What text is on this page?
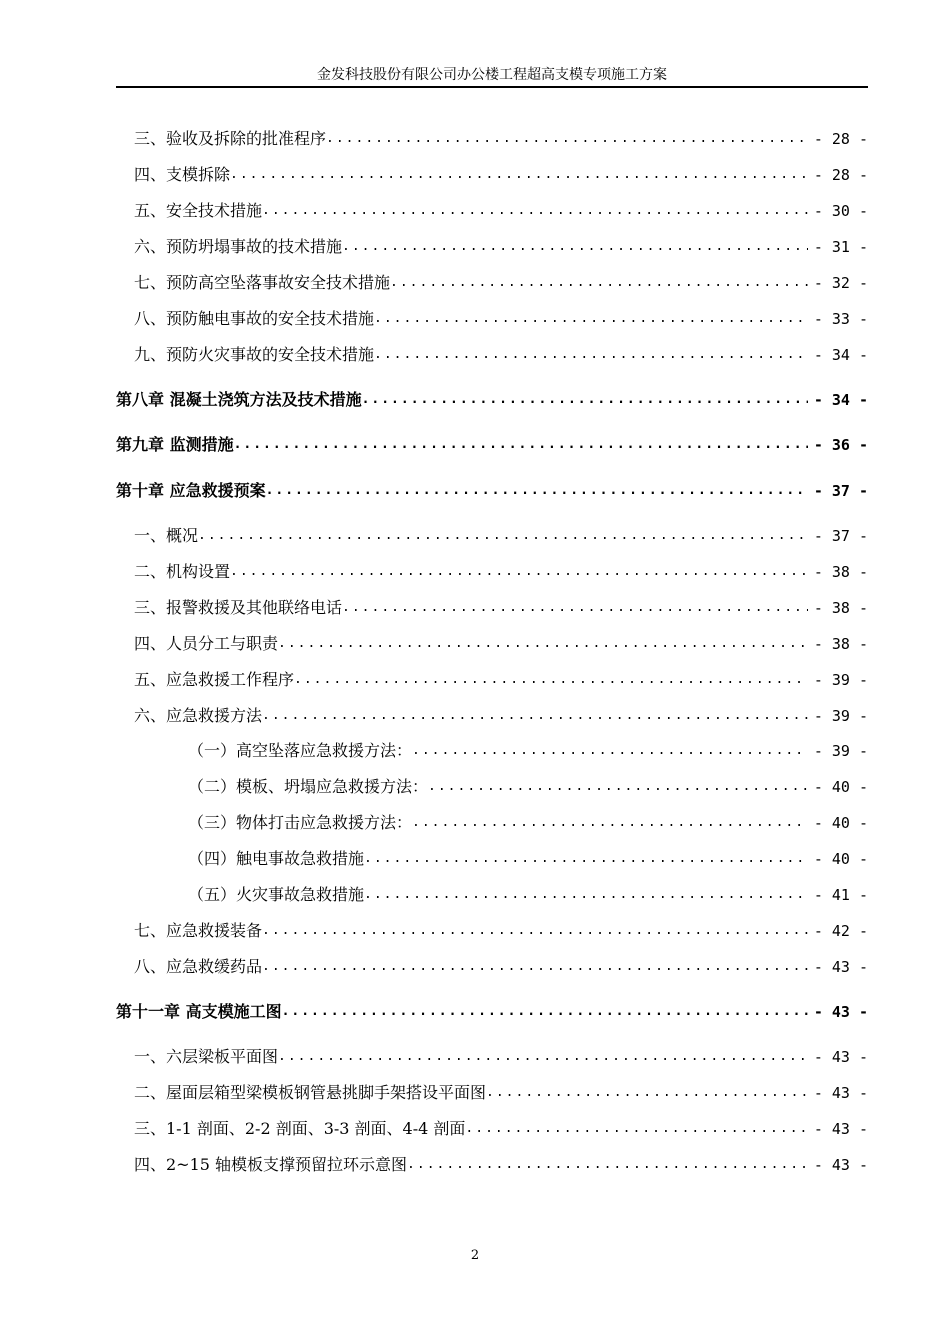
金发科技股份有限公司办公楼工程超高支模专项施工方案
三、验收及拆除的批准程序 .....	- 28 -
四、支模拆除 .....	- 28 -
五、安全技术措施 .....	- 30 -
六、预防坍塌事故的技术措施 .....	- 31 -
七、预防高空坠落事故安全技术措施 .....	- 32 -
八、预防触电事故的安全技术措施 .....	- 33 -
九、预防火灾事故的安全技术措施 .....	- 34 -
第八章 混凝土浇筑方法及技术措施 .....	- 34 -
第九章 监测措施 .....	- 36 -
第十章 应急救援预案 .....	- 37 -
一、概况 .....	- 37 -
二、机构设置 .....	- 38 -
三、报警救援及其他联络电话 .....	- 38 -
四、人员分工与职责 .....	- 38 -
五、应急救援工作程序 .....	- 39 -
六、应急救援方法 .....	- 39 -
（一）高空坠落应急救援方法： .....	- 39 -
（二）模板、坍塌应急救援方法： .....	- 40 -
（三）物体打击应急救援方法： .....	- 40 -
（四）触电事故急救措施 .....	- 40 -
（五）火灾事故急救措施 .....	- 41 -
七、应急救援装备 .....	- 42 -
八、应急救缓药品 .....	- 43 -
第十一章 高支模施工图 .....	- 43 -
一、六层梁板平面图 .....	- 43 -
二、屋面层箱型梁模板钢管悬挑脚手架搭设平面图 .....	- 43 -
三、1-1 剖面、2-2 剖面、3-3 剖面、4-4 剖面 .....	- 43 -
四、2~15 轴模板支撑预留拉环示意图 .....	- 43 -
2
